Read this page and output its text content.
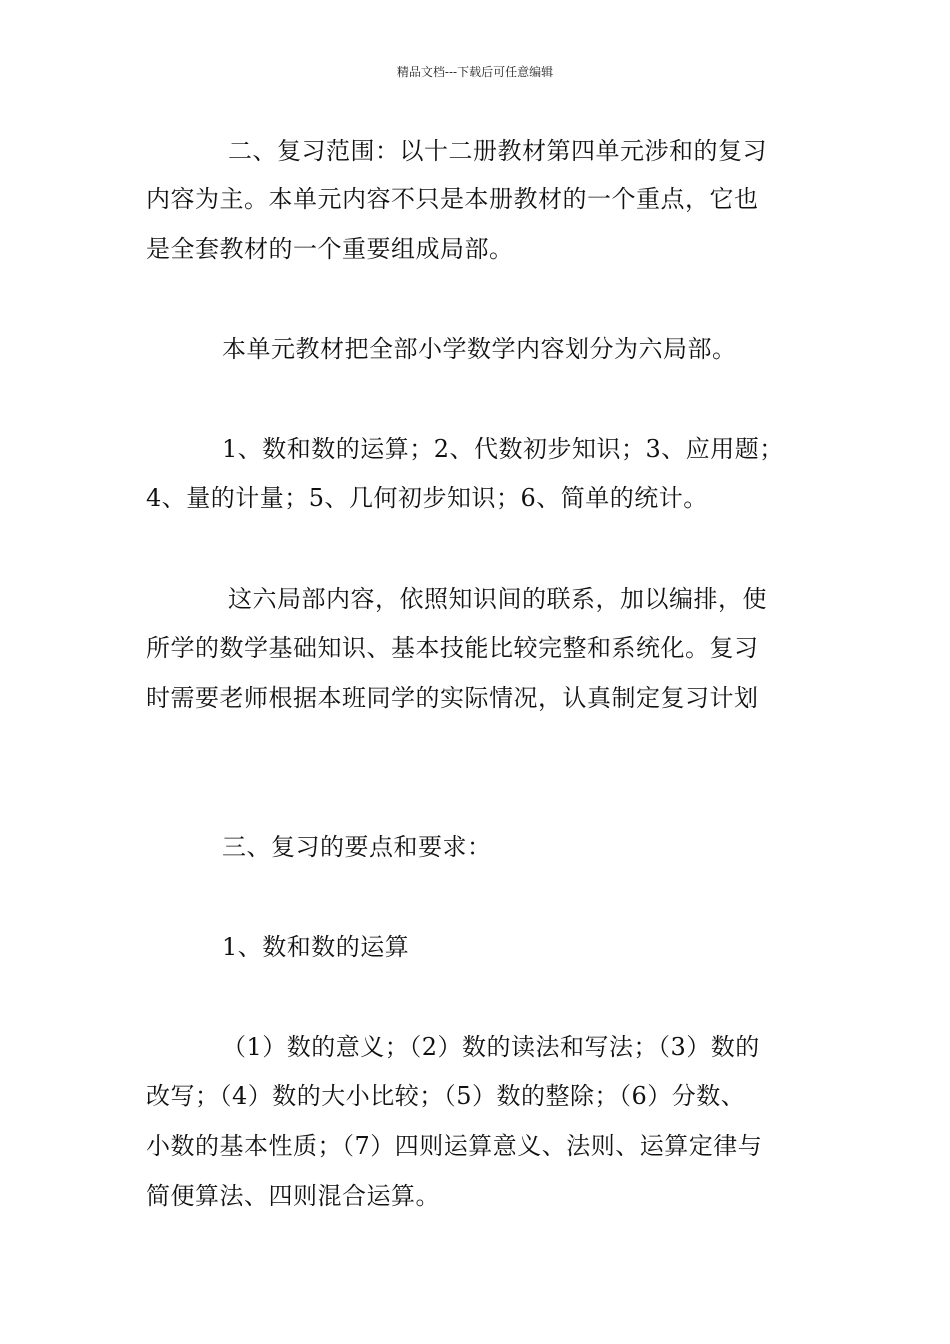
精品文档---下载后可任意编辑
二、复习范围：以十二册教材第四单元涉和的复习
内容为主。本单元内容不只是本册教材的一个重点，它也
是全套教材的一个重要组成局部。
本单元教材把全部小学数学内容划分为六局部。
1、数和数的运算；2、代数初步知识；3、应用题；
4、量的计量；5、几何初步知识；6、简单的统计。
这六局部内容，依照知识间的联系，加以编排，使
所学的数学基础知识、基本技能比较完整和系统化。复习
时需要老师根据本班同学的实际情况，认真制定复习计划
三、复习的要点和要求：
1、数和数的运算
（1）数的意义；（2）数的读法和写法；（3）数的
改写；（4）数的大小比较；（5）数的整除；（6）分数、
小数的基本性质；（7）四则运算意义、法则、运算定律与
简便算法、四则混合运算。
